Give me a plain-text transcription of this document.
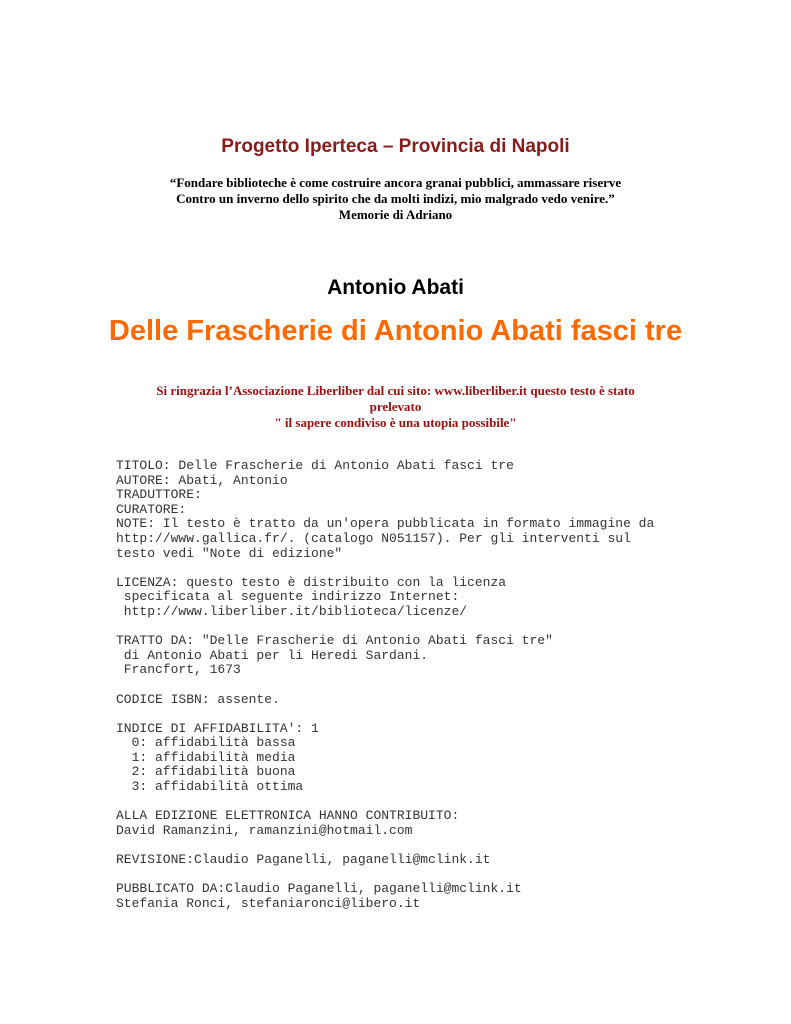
Progetto Iperteca – Provincia di Napoli
“Fondare biblioteche è come costruire ancora granai pubblici, ammassare riserve
Contro un inverno dello spirito che da molti indizi, mio malgrado vedo venire.”
Memorie di Adriano
Antonio Abati
Delle Frascherie di Antonio Abati fasci tre
Si ringrazia l’Associazione Liberliber dal cui sito: www.liberliber.it questo testo è stato
prelevato
" il sapere condiviso è una utopia possibile"
TITOLO: Delle Frascherie di Antonio Abati fasci tre
AUTORE: Abati, Antonio
TRADUTTORE:
CURATORE:
NOTE: Il testo è tratto da un'opera pubblicata in formato immagine da
http://www.gallica.fr/. (catalogo N051157). Per gli interventi sul
testo vedi "Note di edizione"
LICENZA: questo testo è distribuito con la licenza
specificata al seguente indirizzo Internet:
http://www.liberliber.it/biblioteca/licenze/
TRATTO DA: "Delle Frascherie di Antonio Abati fasci tre"
di Antonio Abati per li Heredi Sardani.
Francfort, 1673
CODICE ISBN: assente.
INDICE DI AFFIDABILITA': 1
0: affidabilità bassa
1: affidabilità media
2: affidabilità buona
3: affidabilità ottima
ALLA EDIZIONE ELETTRONICA HANNO CONTRIBUITO:
David Ramanzini, ramanzini@hotmail.com
REVISIONE:Claudio Paganelli, paganelli@mclink.it
PUBBLICATO DA:Claudio Paganelli, paganelli@mclink.it
Stefania Ronci, stefaniaronci@libero.it
